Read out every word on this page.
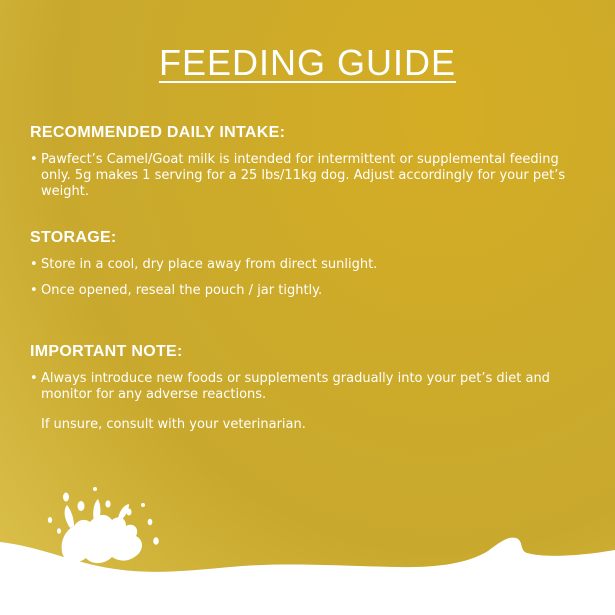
FEEDING GUIDE
RECOMMENDED DAILY INTAKE:
• Pawfect’s Camel/Goat milk is intended for intermittent or supplemental feeding only. 5g makes 1 serving for a 25 lbs/11kg dog. Adjust accordingly for your pet’s weight.
STORAGE:
• Store in a cool, dry place away from direct sunlight.
• Once opened, reseal the pouch / jar tightly.
IMPORTANT NOTE:
• Always introduce new foods or supplements gradually into your pet’s diet and monitor for any adverse reactions.
If unsure, consult with your veterinarian.
